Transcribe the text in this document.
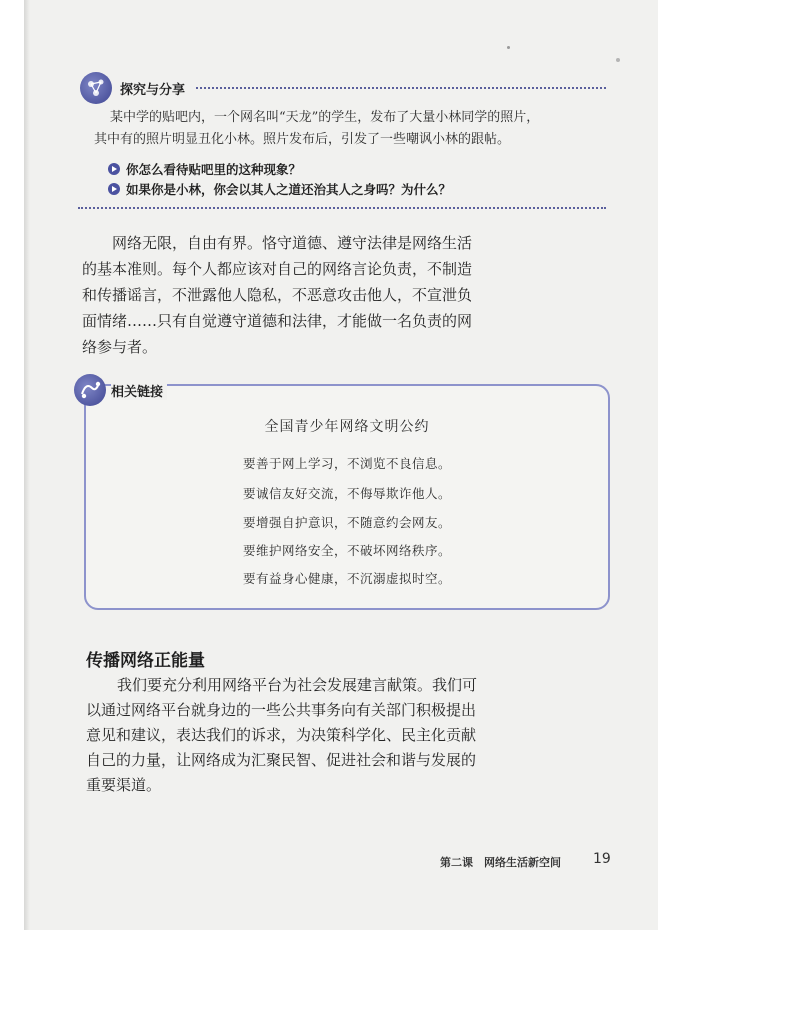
探究与分享

某中学的贴吧内，一个网名叫“天龙”的学生，发布了大量小林同学的照片，

其中有的照片明显丑化小林。照片发布后，引发了一些嘲讽小林的跟帖。

你怎么看待贴吧里的这种现象？
如果你是小林，你会以其人之道还治其人之身吗？为什么？

网络无限，自由有界。恪守道德、遵守法律是网络生活

的基本准则。每个人都应该对自己的网络言论负责，不制造

和传播谣言，不泄露他人隐私，不恶意攻击他人，不宣泄负

面情绪……只有自觉遵守道德和法律，才能做一名负责的网

络参与者。

全国青少年网络文明公约
要善于网上学习，不浏览不良信息。
要诚信友好交流，不侮辱欺诈他人。
要增强自护意识，不随意约会网友。
要维护网络安全，不破坏网络秩序。
要有益身心健康，不沉溺虚拟时空。
相关链接
传播网络正能量

我们要充分利用网络平台为社会发展建言献策。我们可

以通过网络平台就身边的一些公共事务向有关部门积极提出

意见和建议，表达我们的诉求，为决策科学化、民主化贡献

自己的力量，让网络成为汇聚民智、促进社会和谐与发展的

重要渠道。

第二课　网络生活新空间 19
